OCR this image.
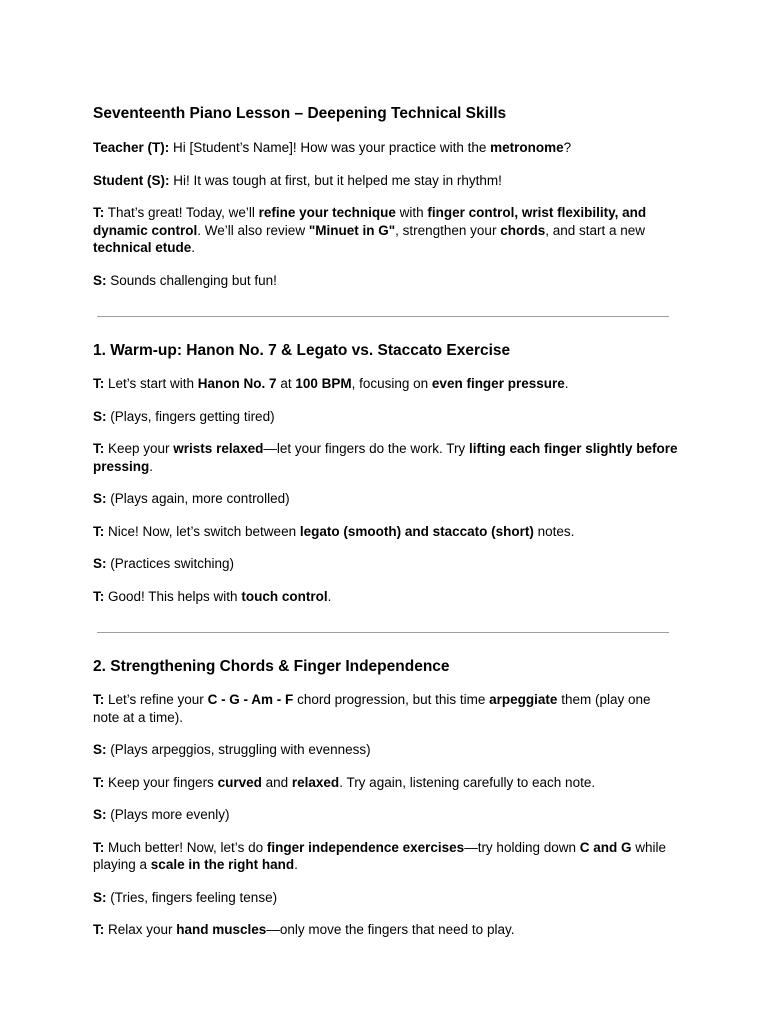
Seventeenth Piano Lesson – Deepening Technical Skills

Teacher (T): Hi [Student’s Name]! How was your practice with the metronome?

Student (S): Hi! It was tough at first, but it helped me stay in rhythm!

T: That’s great! Today, we’ll refine your technique with finger control, wrist flexibility, and dynamic control. We’ll also review "Minuet in G", strengthen your chords, and start a new technical etude.

S: Sounds challenging but fun!

1. Warm-up: Hanon No. 7 & Legato vs. Staccato Exercise

T: Let’s start with Hanon No. 7 at 100 BPM, focusing on even finger pressure.

S: (Plays, fingers getting tired)

T: Keep your wrists relaxed—let your fingers do the work. Try lifting each finger slightly before pressing.

S: (Plays again, more controlled)

T: Nice! Now, let’s switch between legato (smooth) and staccato (short) notes.

S: (Practices switching)

T: Good! This helps with touch control.

2. Strengthening Chords & Finger Independence

T: Let’s refine your C - G - Am - F chord progression, but this time arpeggiate them (play one note at a time).

S: (Plays arpeggios, struggling with evenness)

T: Keep your fingers curved and relaxed. Try again, listening carefully to each note.

S: (Plays more evenly)

T: Much better! Now, let’s do finger independence exercises—try holding down C and G while playing a scale in the right hand.

S: (Tries, fingers feeling tense)

T: Relax your hand muscles—only move the fingers that need to play.
